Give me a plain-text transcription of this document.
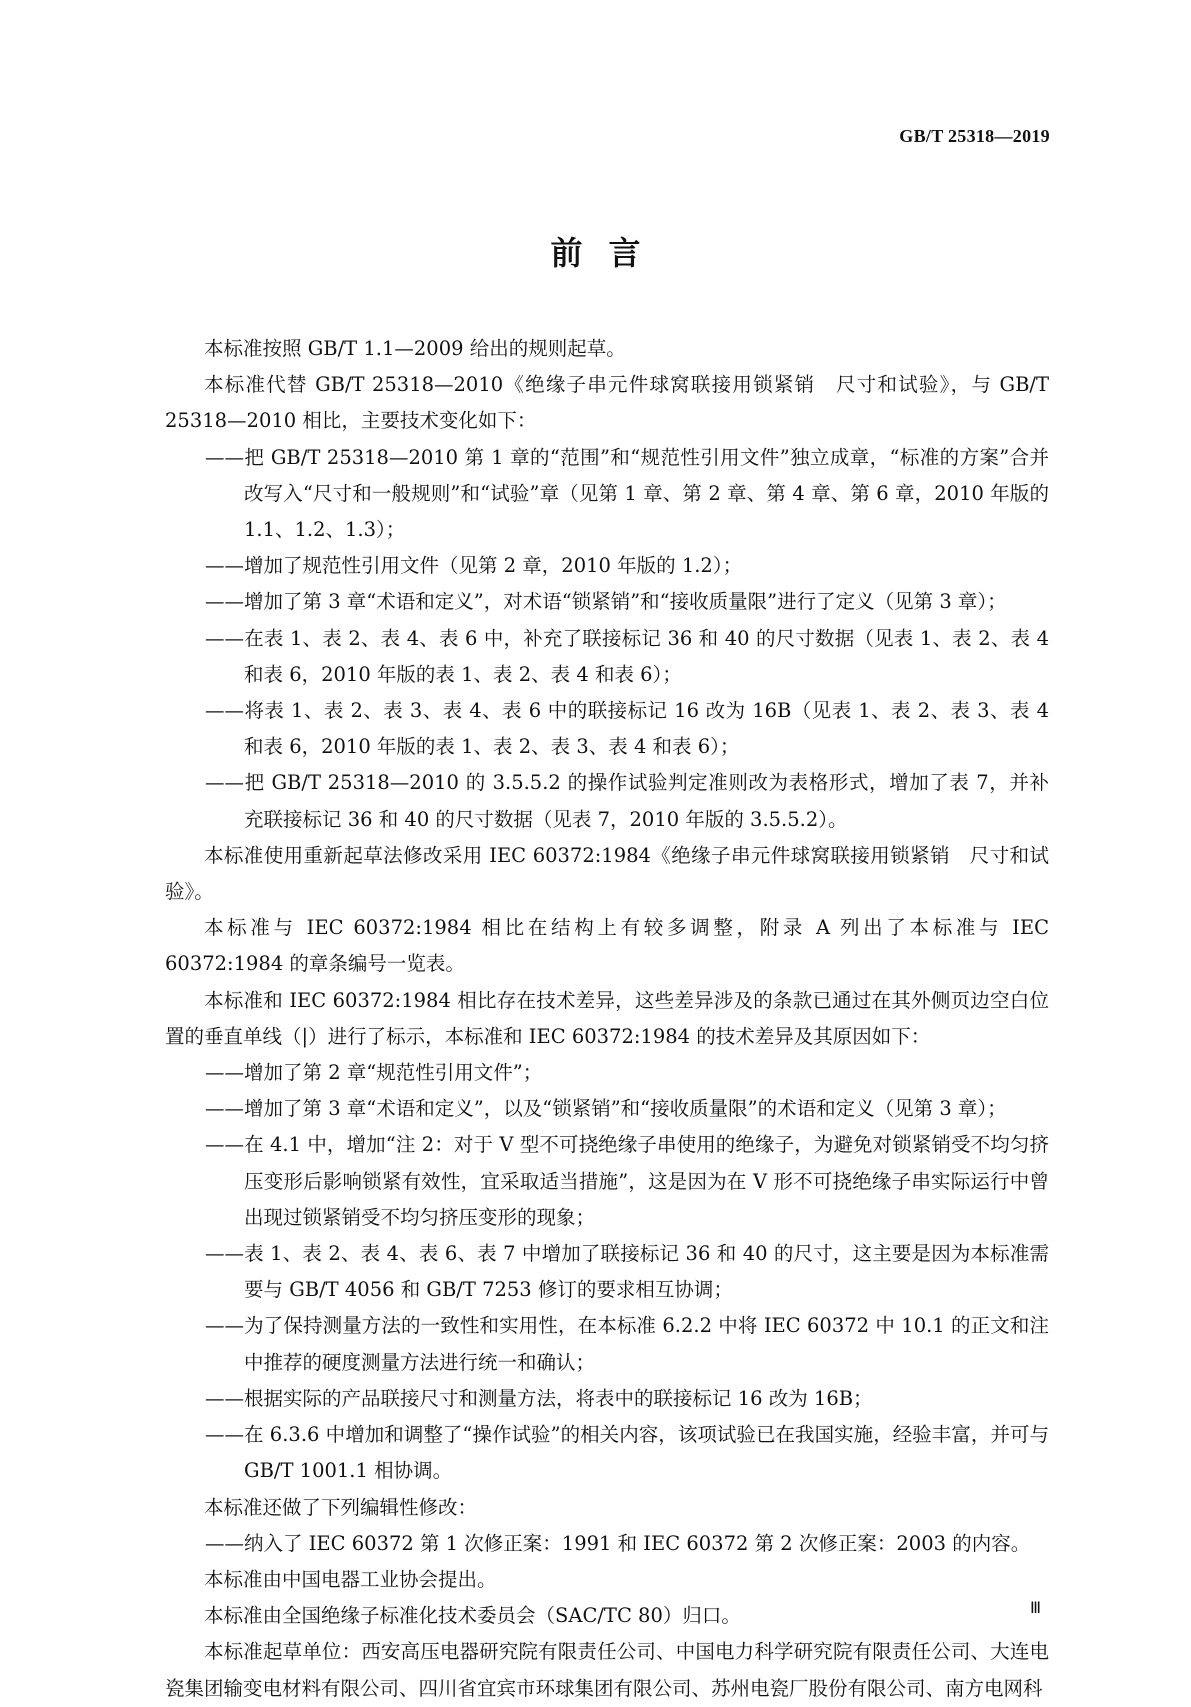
GB/T 25318—2019
前言
本标准按照 GB/T 1.1—2009 给出的规则起草。
本标准代替 GB/T 25318—2010《绝缘子串元件球窝联接用锁紧销　尺寸和试验》，与 GB/T 25318—2010 相比，主要技术变化如下：
——把 GB/T 25318—2010 第 1 章的“范围”和“规范性引用文件”独立成章，“标准的方案”合并改写入“尺寸和一般规则”和“试验”章（见第 1 章、第 2 章、第 4 章、第 6 章，2010 年版的 1.1、1.2、1.3）；
——增加了规范性引用文件（见第 2 章，2010 年版的 1.2）；
——增加了第 3 章“术语和定义”，对术语“锁紧销”和“接收质量限”进行了定义（见第 3 章）；
——在表 1、表 2、表 4、表 6 中，补充了联接标记 36 和 40 的尺寸数据（见表 1、表 2、表 4 和表 6，2010 年版的表 1、表 2、表 4 和表 6）；
——将表 1、表 2、表 3、表 4、表 6 中的联接标记 16 改为 16B（见表 1、表 2、表 3、表 4 和表 6，2010 年版的表 1、表 2、表 3、表 4 和表 6）；
——把 GB/T 25318—2010 的 3.5.5.2 的操作试验判定准则改为表格形式，增加了表 7，并补充联接标记 36 和 40 的尺寸数据（见表 7，2010 年版的 3.5.5.2）。
本标准使用重新起草法修改采用 IEC 60372:1984《绝缘子串元件球窝联接用锁紧销　尺寸和试验》。
本标准与 IEC 60372:1984 相比在结构上有较多调整，附录 A 列出了本标准与 IEC 60372:1984 的章条编号一览表。
本标准和 IEC 60372:1984 相比存在技术差异，这些差异涉及的条款已通过在其外侧页边空白位置的垂直单线（|）进行了标示，本标准和 IEC 60372:1984 的技术差异及其原因如下：
——增加了第 2 章“规范性引用文件”；
——增加了第 3 章“术语和定义”，以及“锁紧销”和“接收质量限”的术语和定义（见第 3 章）；
——在 4.1 中，增加“注 2：对于 V 型不可挠绝缘子串使用的绝缘子，为避免对锁紧销受不均匀挤压变形后影响锁紧有效性，宜采取适当措施”，这是因为在 V 形不可挠绝缘子串实际运行中曾出现过锁紧销受不均匀挤压变形的现象；
——表 1、表 2、表 4、表 6、表 7 中增加了联接标记 36 和 40 的尺寸，这主要是因为本标准需要与 GB/T 4056 和 GB/T 7253 修订的要求相互协调；
——为了保持测量方法的一致性和实用性，在本标准 6.2.2 中将 IEC 60372 中 10.1 的正文和注中推荐的硬度测量方法进行统一和确认；
——根据实际的产品联接尺寸和测量方法，将表中的联接标记 16 改为 16B；
——在 6.3.6 中增加和调整了“操作试验”的相关内容，该项试验已在我国实施，经验丰富，并可与 GB/T 1001.1 相协调。
本标准还做了下列编辑性修改：
——纳入了 IEC 60372 第 1 次修正案：1991 和 IEC 60372 第 2 次修正案：2003 的内容。
本标准由中国电器工业协会提出。
本标准由全国绝缘子标准化技术委员会（SAC/TC 80）归口。
本标准起草单位：西安高压电器研究院有限责任公司、中国电力科学研究院有限责任公司、大连电瓷集团输变电材料有限公司、四川省宜宾市环球集团有限公司、苏州电瓷厂股份有限公司、南方电网科
Ⅲ
